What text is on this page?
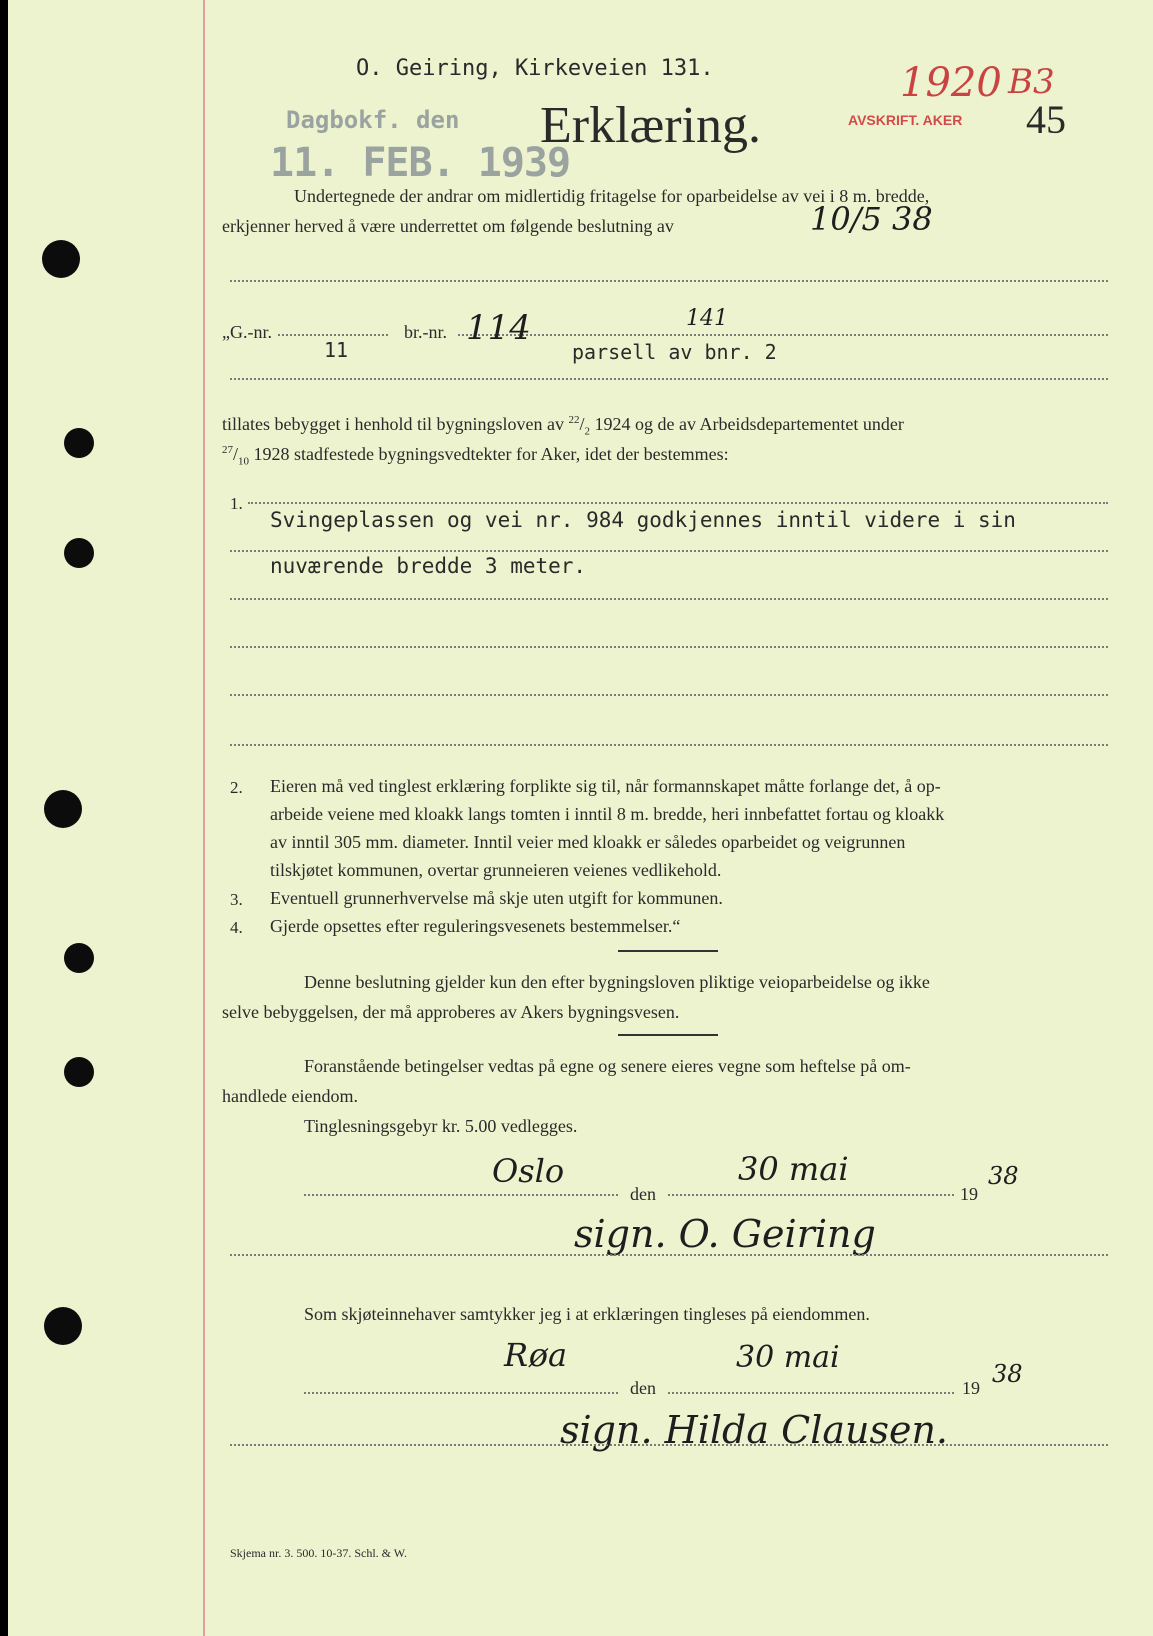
O. Geiring, Kirkeveien 131.
Dagbokf. den
11. FEB. 1939
Erklæring.	AVSKRIFT. AKER
1920 B3
45
Undertegnede der andrar om midlertidig fritagelse for oparbeidelse av vei i 8 m. bredde,
erkjenner herved å være underrettet om følgende beslutning av	10/5 38
„G.-nr.
11
br.-nr. 114	141
parsell av bnr. 2
tillates bebygget i henhold til bygningsloven av $^{22}/_2$ 1924 og de av Arbeidsdepartementet under
$^{27}/_{10}$ 1928 stadfestede bygningsvedtekter for Aker, idet der bestemmes:
1.
Svingeplassen og vei nr. 984 godkjennes inntil videre i sin
nuværende bredde 3 meter.
2. Eieren må ved tinglest erklæring forplikte sig til, når formannskapet måtte forlange det, å op-
arbeide veiene med kloakk langs tomten i inntil 8 m. bredde, heri innbefattet fortau og kloakk
av inntil 305 mm. diameter. Inntil veier med kloakk er således oparbeidet og veigrunnen
tilskjøtet kommunen, overtar grunneieren veienes vedlikehold.
3. Eventuell grunnerhvervelse må skje uten utgift for kommunen.
4. Gjerde opsettes efter reguleringsvesenets bestemmelser.“
Denne beslutning gjelder kun den efter bygningsloven pliktige veioparbeidelse og ikke
selve bebyggelsen, der må approberes av Akers bygningsvesen.
Foranstående betingelser vedtas på egne og senere eieres vegne som heftelse på om-
handlede eiendom.
Tinglesningsgebyr kr. 5.00 vedlegges.
Oslo
den
30 mai
19
38
sign. O. Geiring
Som skjøteinnehaver samtykker jeg i at erklæringen tingleses på eiendommen.
Røa
den
30 mai
19 38
sign. Hilda Clausen.
Skjema nr. 3. 500. 10-37. Schl. & W.
